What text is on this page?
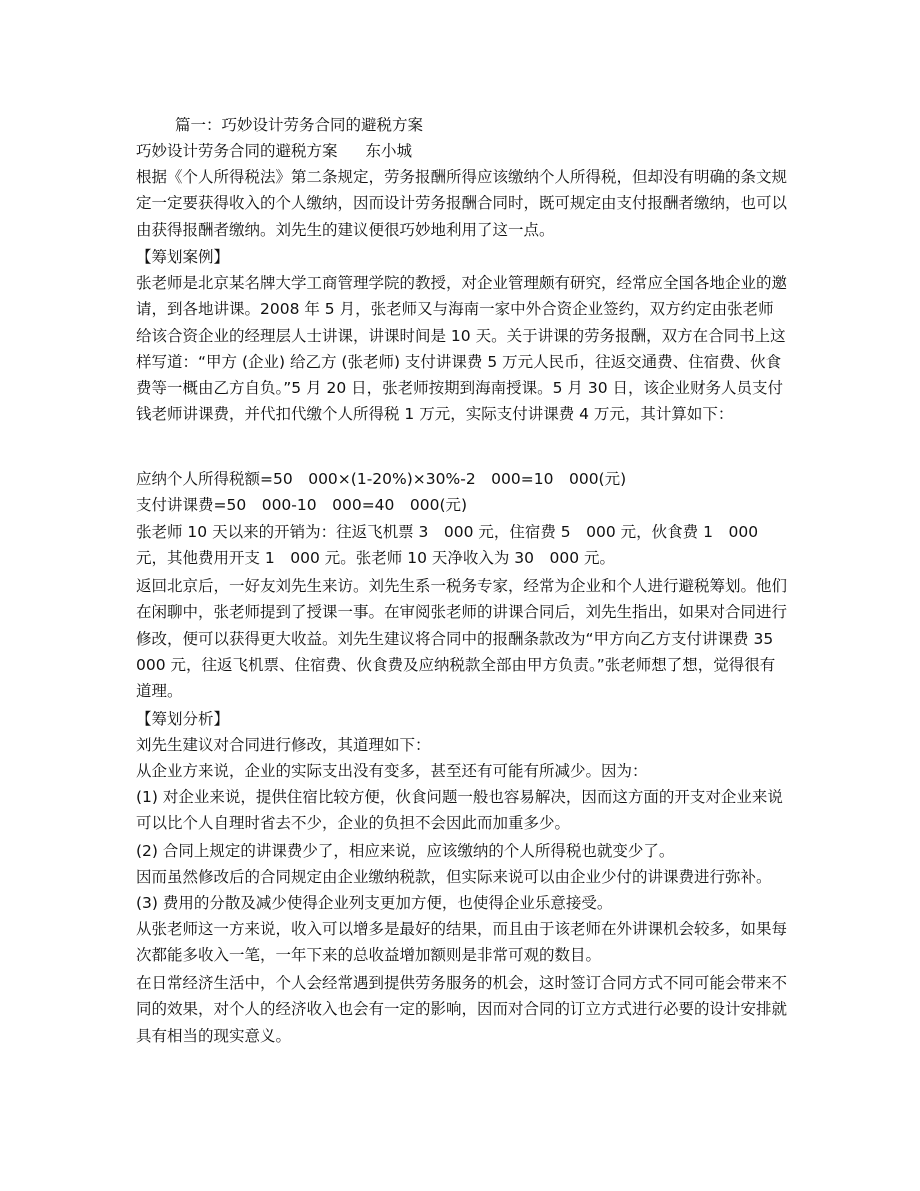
篇一：巧妙设计劳务合同的避税方案

巧妙设计劳务合同的避税方案 东小城

根据《个人所得税法》第二条规定，劳务报酬所得应该缴纳个人所得税，但却没有明确的条文规定一定要获得收入的个人缴纳，因而设计劳务报酬合同时，既可规定由支付报酬者缴纳，也可以由获得报酬者缴纳。刘先生的建议便很巧妙地利用了这一点。

【筹划案例】

张老师是北京某名牌大学工商管理学院的教授，对企业管理颇有研究，经常应全国各地企业的邀请，到各地讲课。2008 年 5 月，张老师又与海南一家中外合资企业签约，双方约定由张老师给该合资企业的经理层人士讲课，讲课时间是 10 天。关于讲课的劳务报酬，双方在合同书上这样写道：“甲方 (企业) 给乙方 (张老师) 支付讲课费 5 万元人民币，往返交通费、住宿费、伙食费等一概由乙方自负。”5 月 20 日，张老师按期到海南授课。5 月 30 日，该企业财务人员支付钱老师讲课费，并代扣代缴个人所得税 1 万元，实际支付讲课费 4 万元，其计算如下：

应纳个人所得税额=50　000×(1-20%)×30%-2　000=10　000(元)

支付讲课费=50　000-10　000=40　000(元)

张老师 10 天以来的开销为：往返飞机票 3　000 元，住宿费 5　000 元，伙食费 1　000 元，其他费用开支 1　000 元。张老师 10 天净收入为 30　000 元。

返回北京后，一好友刘先生来访。刘先生系一税务专家，经常为企业和个人进行避税筹划。他们在闲聊中，张老师提到了授课一事。在审阅张老师的讲课合同后，刘先生指出，如果对合同进行修改，便可以获得更大收益。刘先生建议将合同中的报酬条款改为“甲方向乙方支付讲课费 35　000 元，往返飞机票、住宿费、伙食费及应纳税款全部由甲方负责。”张老师想了想，觉得很有道理。

【筹划分析】

刘先生建议对合同进行修改，其道理如下：

从企业方来说，企业的实际支出没有变多，甚至还有可能有所减少。因为：

(1) 对企业来说，提供住宿比较方便，伙食问题一般也容易解决，因而这方面的开支对企业来说可以比个人自理时省去不少，企业的负担不会因此而加重多少。

(2) 合同上规定的讲课费少了，相应来说，应该缴纳的个人所得税也就变少了。

因而虽然修改后的合同规定由企业缴纳税款，但实际来说可以由企业少付的讲课费进行弥补。

(3) 费用的分散及减少使得企业列支更加方便，也使得企业乐意接受。

从张老师这一方来说，收入可以增多是最好的结果，而且由于该老师在外讲课机会较多，如果每次都能多收入一笔，一年下来的总收益增加额则是非常可观的数目。

在日常经济生活中，个人会经常遇到提供劳务服务的机会，这时签订合同方式不同可能会带来不同的效果，对个人的经济收入也会有一定的影响，因而对合同的订立方式进行必要的设计安排就具有相当的现实意义。
